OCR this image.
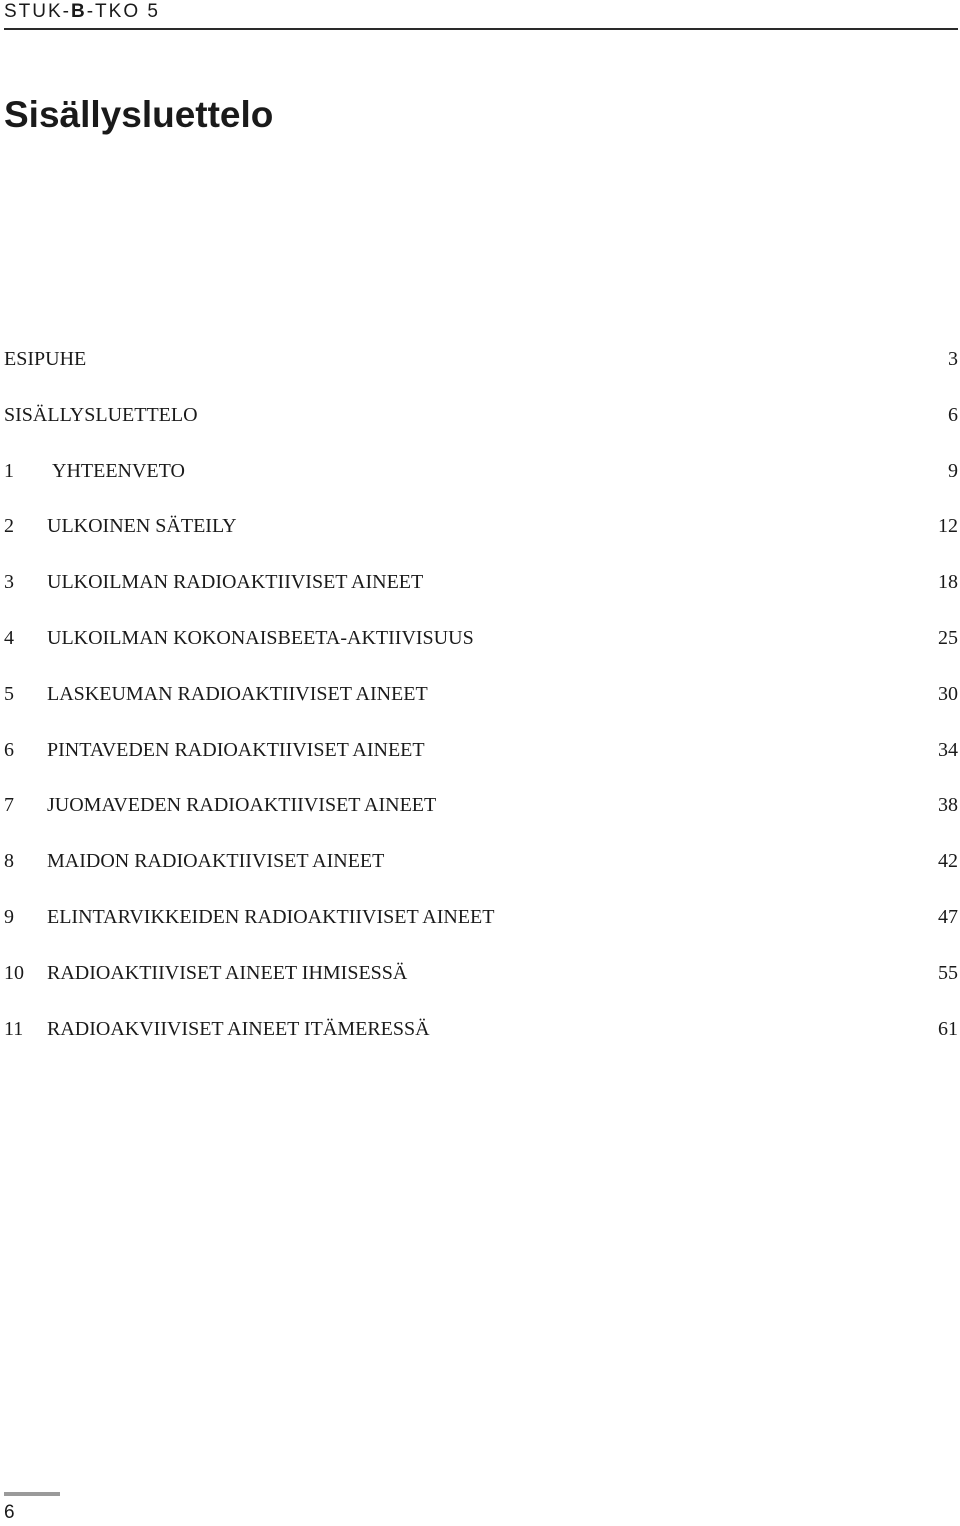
STUK-B-TKO 5
Sisällysluettelo
ESIPUHE	3
SISÄLLYSLUETTELO	6
1 YHTEENVETO	9
2 ULKOINEN SÄTEILY	12
3 ULKOILMAN RADIOAKTIIVISET AINEET	18
4 ULKOILMAN KOKONAISBEETA-AKTIIVISUUS	25
5 LASKEUMAN RADIOAKTIIVISET AINEET	30
6 PINTAVEDEN RADIOAKTIIVISET AINEET	34
7 JUOMAVEDEN RADIOAKTIIVISET AINEET	38
8 MAIDON RADIOAKTIIVISET AINEET	42
9 ELINTARVIKKEIDEN RADIOAKTIIVISET AINEET	47
10 RADIOAKTIIVISET AINEET IHMISESSÄ	55
11 RADIOAKVIIVISET AINEET ITÄMERESSÄ	61
6
